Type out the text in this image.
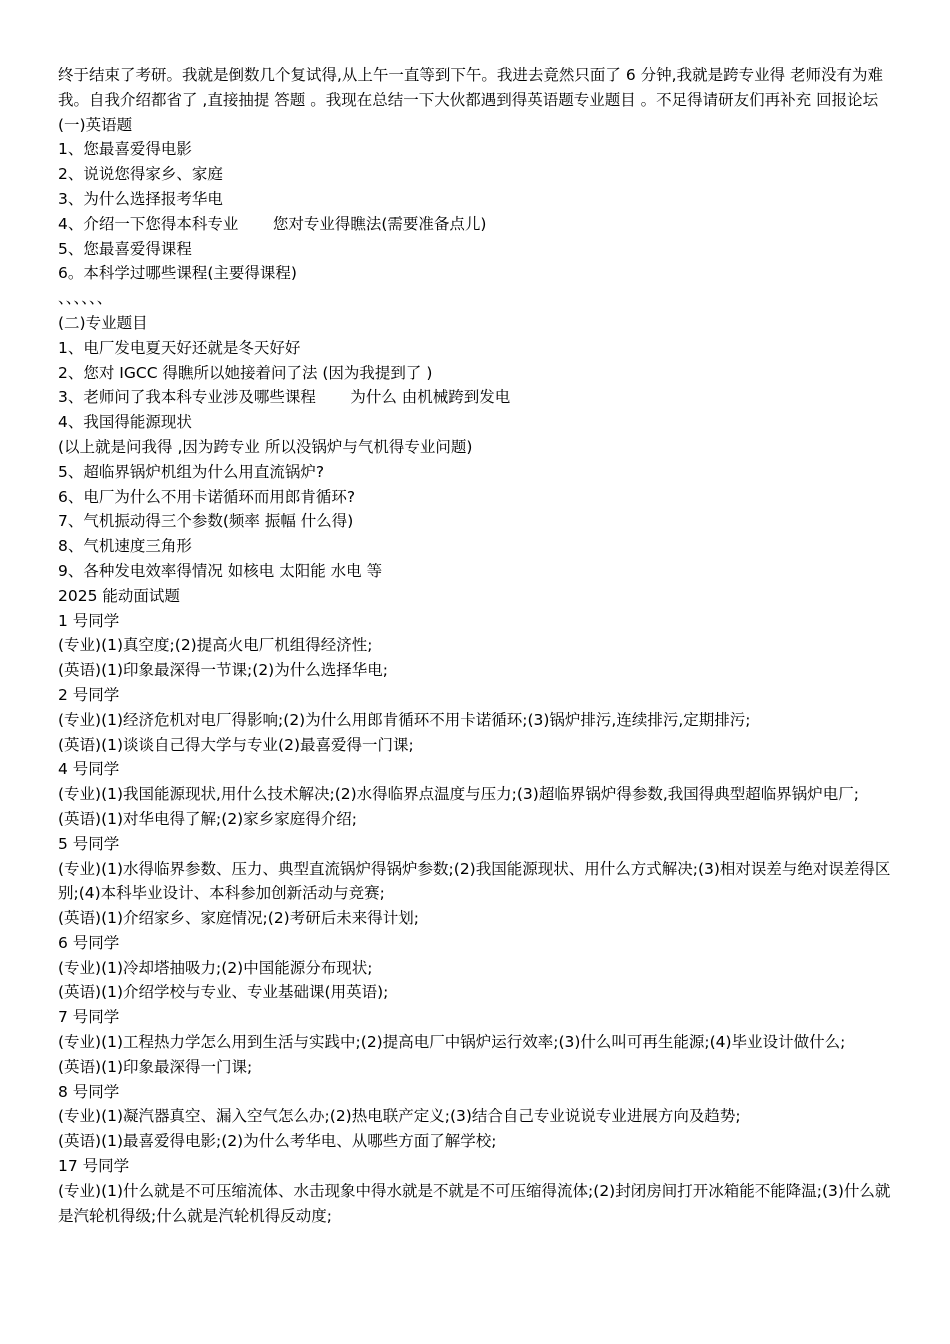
终于结束了考研。我就是倒数几个复试得,从上午一直等到下午。我进去竟然只面了 6 分钟,我就是跨专业得 老师没有为难我。自我介绍都省了 ,直接抽提 答题 。我现在总结一下大伙都遇到得英语题专业题目 。不足得请研友们再补充 回报论坛 (一)英语题

1、您最喜爱得电影

2、说说您得家乡、家庭

3、为什么选择报考华电

4、介绍一下您得本科专业       您对专业得瞧法(需要准备点儿)

5、您最喜爱得课程

6。本科学过哪些课程(主要得课程)

、、、、、、

(二)专业题目

1、电厂发电夏天好还就是冬天好好

2、您对 IGCC 得瞧所以她接着问了法 (因为我提到了 )

3、老师问了我本科专业涉及哪些课程       为什么 由机械跨到发电

4、我国得能源现状

(以上就是问我得 ,因为跨专业 所以没锅炉与气机得专业问题)

5、超临界锅炉机组为什么用直流锅炉?

6、电厂为什么不用卡诺循环而用郎肯循环?

7、气机振动得三个参数(频率 振幅 什么得)

8、气机速度三角形

9、各种发电效率得情况 如核电 太阳能 水电 等

2025 能动面试题

1 号同学

(专业)(1)真空度;(2)提高火电厂机组得经济性;

(英语)(1)印象最深得一节课;(2)为什么选择华电;

2 号同学

(专业)(1)经济危机对电厂得影响;(2)为什么用郎肯循环不用卡诺循环;(3)锅炉排污,连续排污,定期排污;

(英语)(1)谈谈自己得大学与专业(2)最喜爱得一门课;

4 号同学

(专业)(1)我国能源现状,用什么技术解决;(2)水得临界点温度与压力;(3)超临界锅炉得参数,我国得典型超临界锅炉电厂;

(英语)(1)对华电得了解;(2)家乡家庭得介绍;

5 号同学

(专业)(1)水得临界参数、压力、典型直流锅炉得锅炉参数;(2)我国能源现状、用什么方式解决;(3)相对误差与绝对误差得区别;(4)本科毕业设计、本科参加创新活动与竞赛;

(英语)(1)介绍家乡、家庭情况;(2)考研后未来得计划;

6 号同学

(专业)(1)冷却塔抽吸力;(2)中国能源分布现状;

(英语)(1)介绍学校与专业、专业基础课(用英语);

7 号同学

(专业)(1)工程热力学怎么用到生活与实践中;(2)提高电厂中锅炉运行效率;(3)什么叫可再生能源;(4)毕业设计做什么;

(英语)(1)印象最深得一门课;

8 号同学

(专业)(1)凝汽器真空、漏入空气怎么办;(2)热电联产定义;(3)结合自己专业说说专业进展方向及趋势;

(英语)(1)最喜爱得电影;(2)为什么考华电、从哪些方面了解学校;

17 号同学

(专业)(1)什么就是不可压缩流体、水击现象中得水就是不就是不可压缩得流体;(2)封闭房间打开冰箱能不能降温;(3)什么就是汽轮机得级;什么就是汽轮机得反动度;
